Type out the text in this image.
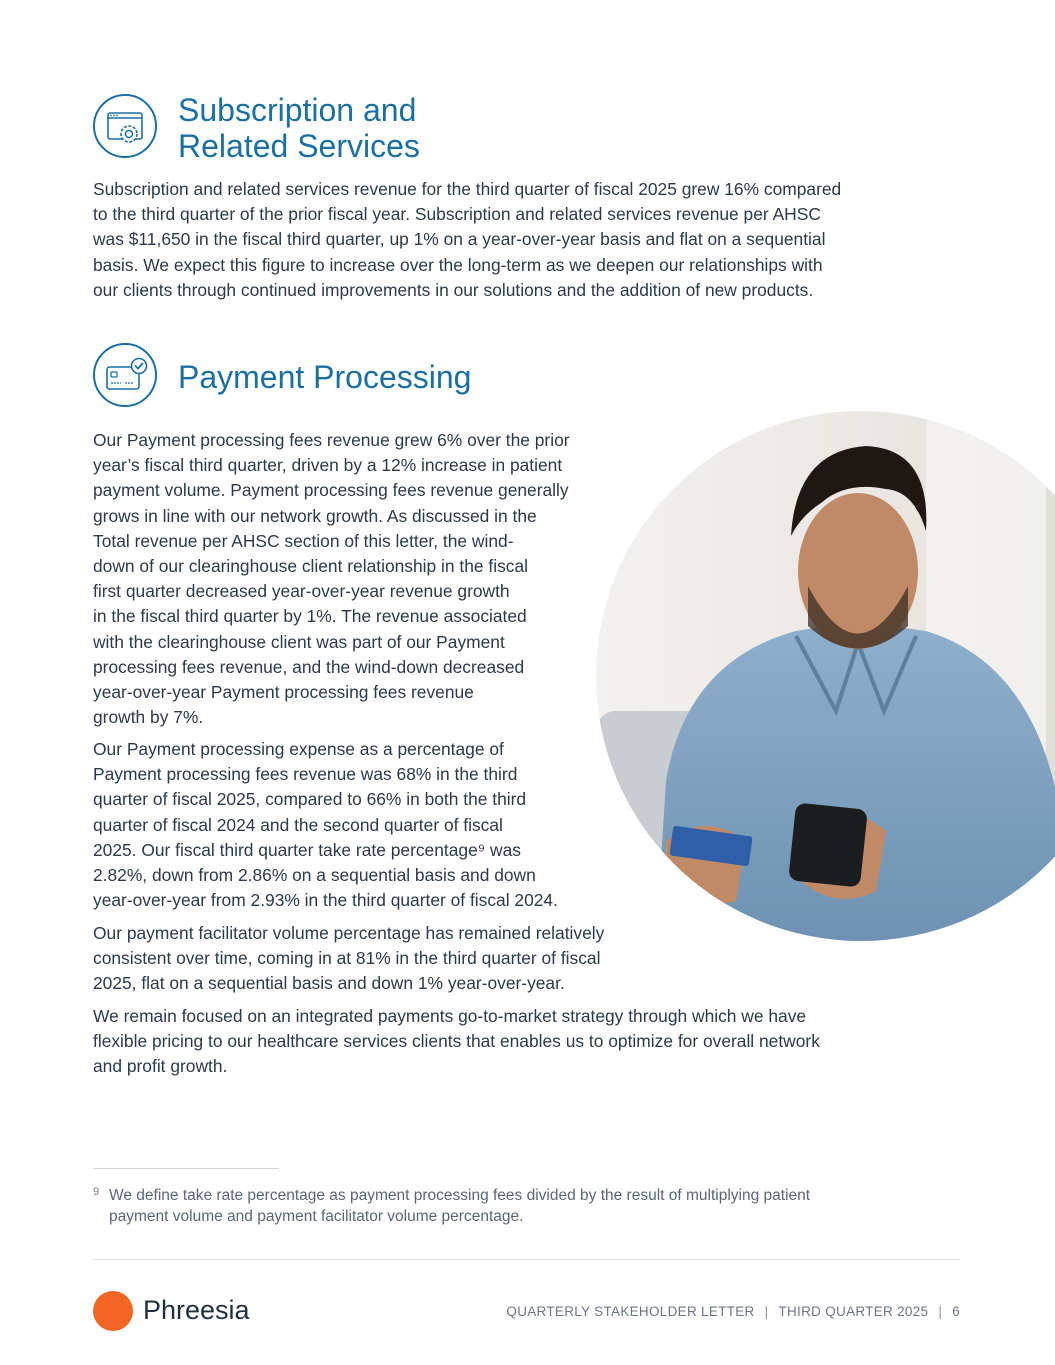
Subscription and
Related Services

Subscription and related services revenue for the third quarter of fiscal 2025 grew 16% compared
to the third quarter of the prior fiscal year. Subscription and related services revenue per AHSC
was $11,650 in the fiscal third quarter, up 1% on a year-over-year basis and flat on a sequential
basis. We expect this figure to increase over the long-term as we deepen our relationships with
our clients through continued improvements in our solutions and the addition of new products.

Payment Processing

Our Payment processing fees revenue grew 6% over the prior
year’s fiscal third quarter, driven by a 12% increase in patient
payment volume. Payment processing fees revenue generally
grows in line with our network growth. As discussed in the
Total revenue per AHSC section of this letter, the wind-
down of our clearinghouse client relationship in the fiscal
first quarter decreased year-over-year revenue growth
in the fiscal third quarter by 1%. The revenue associated
with the clearinghouse client was part of our Payment
processing fees revenue, and the wind-down decreased
year-over-year Payment processing fees revenue
growth by 7%.

Our Payment processing expense as a percentage of
Payment processing fees revenue was 68% in the third
quarter of fiscal 2025, compared to 66% in both the third
quarter of fiscal 2024 and the second quarter of fiscal
2025. Our fiscal third quarter take rate percentage⁹ was
2.82%, down from 2.86% on a sequential basis and down
year-over-year from 2.93% in the third quarter of fiscal 2024.

Our payment facilitator volume percentage has remained relatively
consistent over time, coming in at 81% in the third quarter of fiscal
2025, flat on a sequential basis and down 1% year-over-year.

We remain focused on an integrated payments go-to-market strategy through which we have
flexible pricing to our healthcare services clients that enables us to optimize for overall network
and profit growth.

9 We define take rate percentage as payment processing fees divided by the result of multiplying patient
payment volume and payment facilitator volume percentage.

Phreesia	QUARTERLY STAKEHOLDER LETTER | THIRD QUARTER 2025 | 6
